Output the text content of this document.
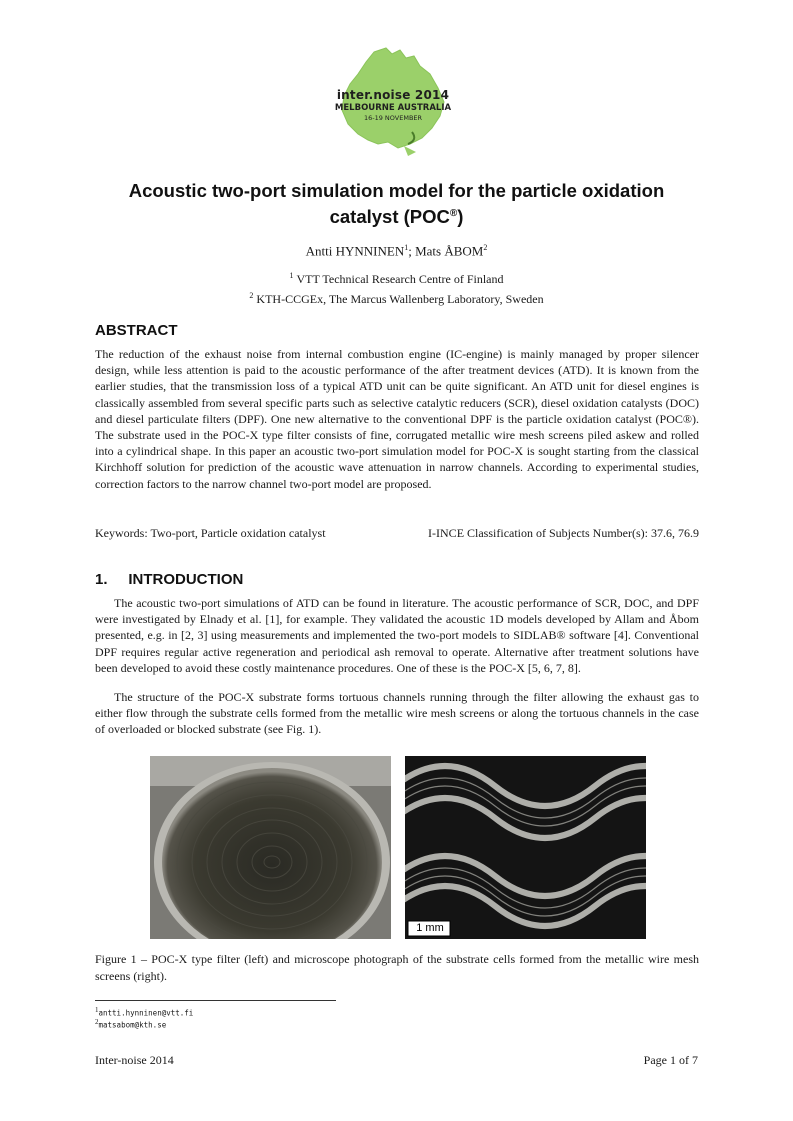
inter.noise 2014
MELBOURNE AUSTRALIA
16-19 NOVEMBER
Acoustic two-port simulation model for the particle oxidation
catalyst (POC®)
Antti HYNNINEN$^1$; Mats ÅBOM$^2$
$^1$ VTT Technical Research Centre of Finland
$^2$ KTH-CCGEx, The Marcus Wallenberg Laboratory, Sweden
ABSTRACT
The reduction of the exhaust noise from internal combustion engine (IC-engine) is mainly managed by proper silencer design, while less attention is paid to the acoustic performance of the after treatment devices (ATD). It is known from the earlier studies, that the transmission loss of a typical ATD unit can be quite significant. An ATD unit for diesel engines is classically assembled from several specific parts such as selective catalytic reducers (SCR), diesel oxidation catalysts (DOC) and diesel particulate filters (DPF). One new alternative to the conventional DPF is the particle oxidation catalyst (POC®). The substrate used in the POC-X type filter consists of fine, corrugated metallic wire mesh screens piled askew and rolled into a cylindrical shape. In this paper an acoustic two-port simulation model for POC-X is sought starting from the classical Kirchhoff solution for prediction of the acoustic wave attenuation in narrow channels. According to experimental studies, correction factors to the narrow channel two-port model are proposed.
Keywords: Two-port, Particle oxidation catalyst	I-INCE Classification of Subjects Number(s): 37.6, 76.9
1.     INTRODUCTION
The acoustic two-port simulations of ATD can be found in literature. The acoustic performance of SCR, DOC, and DPF were investigated by Elnady et al. [1], for example. They validated the acoustic 1D models developed by Allam and Åbom presented, e.g. in [2, 3] using measurements and implemented the two-port models to SIDLAB® software [4]. Conventional DPF requires regular active regeneration and periodical ash removal to operate. Alternative after treatment solutions have been developed to avoid these costly maintenance procedures. One of these is the POC-X [5, 6, 7, 8].
The structure of the POC-X substrate forms tortuous channels running through the filter allowing the exhaust gas to either flow through the substrate cells formed from the metallic wire mesh screens or along the tortuous channels in the case of overloaded or blocked substrate (see Fig. 1).
1 mm
Figure 1 – POC-X type filter (left) and microscope photograph of the substrate cells formed from the metallic wire mesh screens (right).
$^1$antti.hynninen@vtt.fi
$^2$matsabom@kth.se
Inter-noise 2014	Page 1 of 7
